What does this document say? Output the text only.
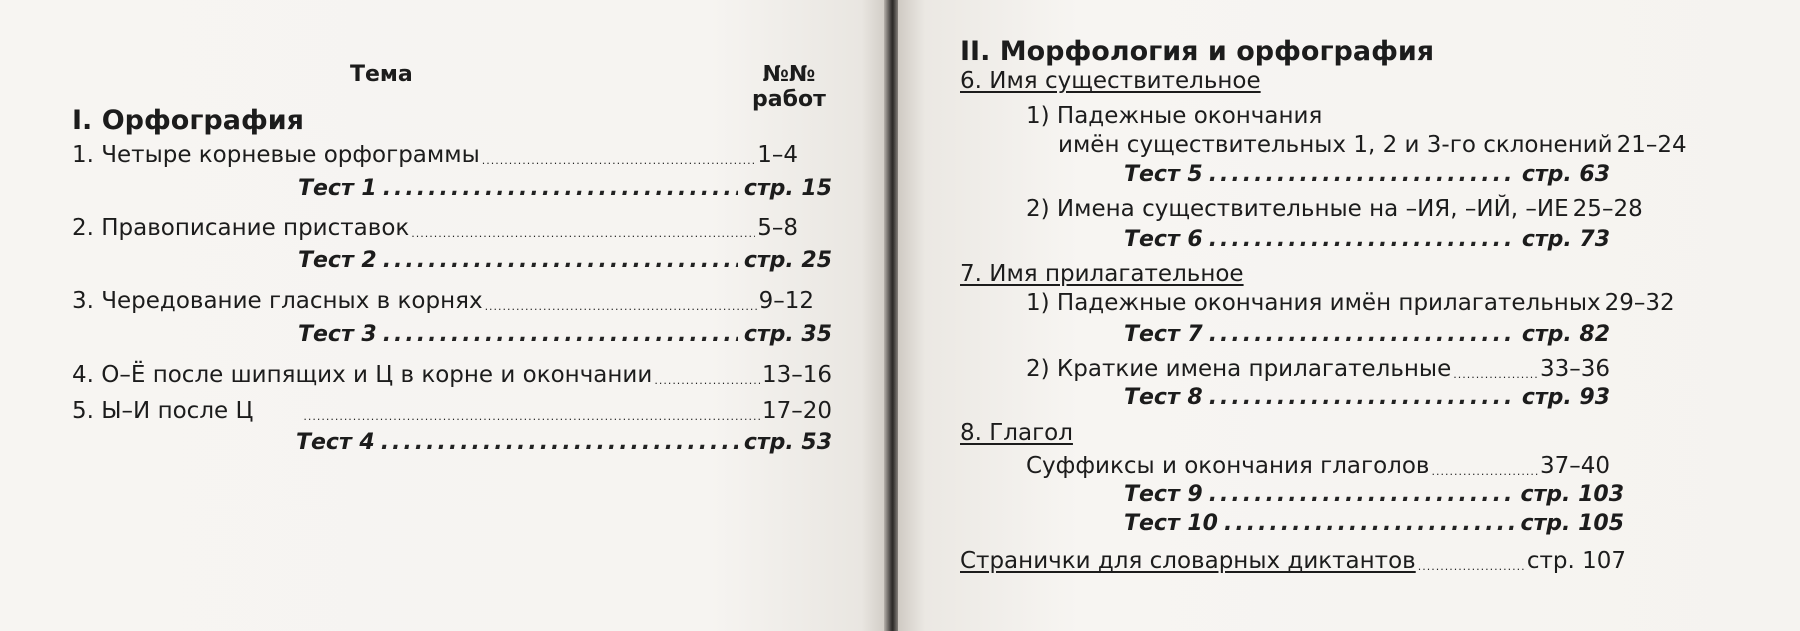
Тема	№№
работ
I. Орфография
1. Четыре корневые орфограммы .....	1–4
Тест 1 .....	стр. 15
2. Правописание приставок .....	5–8
Тест 2 .....	стр. 25
3. Чередование гласных в корнях .....	9–12
Тест 3 .....	стр. 35
4. О–Ё после шипящих и Ц в корне и окончании .....	13–16
5. Ы–И после Ц .....	17–20
Тест 4 .....	стр. 53
II. Морфология и орфография
6. Имя существительное
1) Падежные окончания
имён существительных 1, 2 и 3-го склонений 21–24
Тест 5 .....	стр. 63
2) Имена существительные на –ИЯ, –ИЙ, –ИЕ 25–28
Тест 6 .....	стр. 73
7. Имя прилагательное
1) Падежные окончания имён прилагательных 29–32
Тест 7 .....	стр. 82
2) Краткие имена прилагательные .....	33–36
Тест 8 .....	стр. 93
8. Глагол
Суффиксы и окончания глаголов .....	37–40
Тест 9 .....	стр. 103
Тест 10 .....	стр. 105
Странички для словарных диктантов .....	стр. 107
